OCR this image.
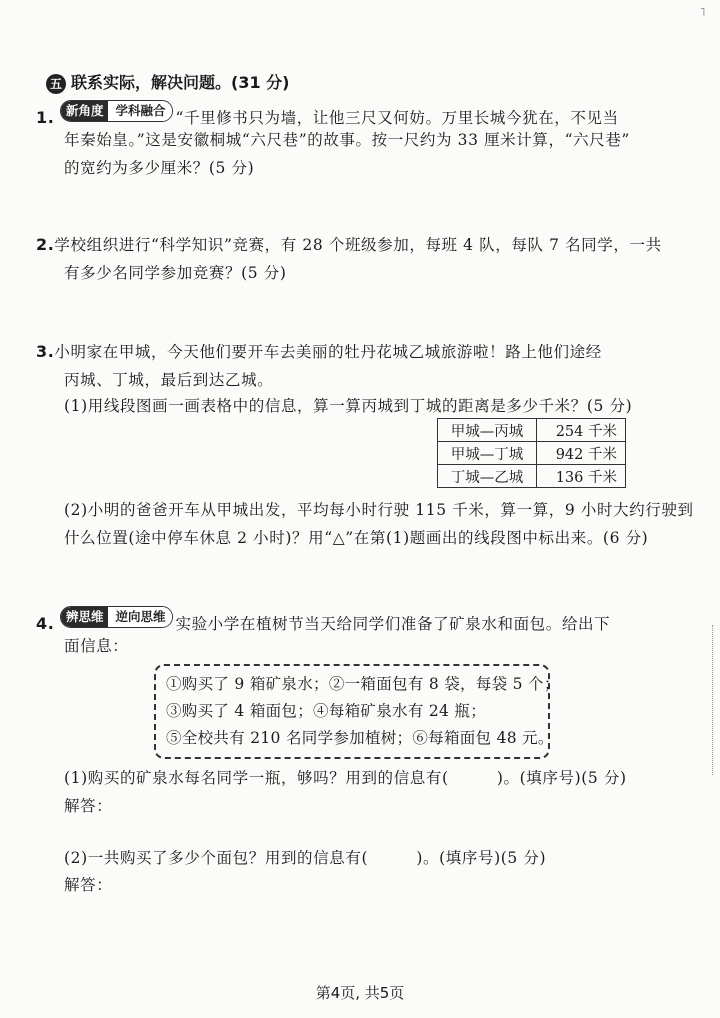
˥
五 联系实际，解决问题。(31 分)
1. 新角度 学科融合 “千里修书只为墙，让他三尺又何妨。万里长城今犹在，不见当
年秦始皇。”这是安徽桐城“六尺巷”的故事。按一尺约为 33 厘米计算，“六尺巷”
的宽约为多少厘米？(5 分)
2.学校组织进行“科学知识”竞赛，有 28 个班级参加，每班 4 队，每队 7 名同学，一共
有多少名同学参加竞赛？(5 分)
3.小明家在甲城，今天他们要开车去美丽的牡丹花城乙城旅游啦！路上他们途经
丙城、丁城，最后到达乙城。
(1)用线段图画一画表格中的信息，算一算丙城到丁城的距离是多少千米？(5 分)
甲城—丙城	254 千米
甲城—丁城	942 千米
丁城—乙城	136 千米
(2)小明的爸爸开车从甲城出发，平均每小时行驶 115 千米，算一算，9 小时大约行驶到
什么位置(途中停车休息 2 小时)？用“△”在第(1)题画出的线段图中标出来。(6 分)
4. 辨思维 逆向思维 实验小学在植树节当天给同学们准备了矿泉水和面包。给出下
面信息：
①购买了 9 箱矿泉水；②一箱面包有 8 袋，每袋 5 个；
③购买了 4 箱面包；④每箱矿泉水有 24 瓶；
⑤全校共有 210 名同学参加植树；⑥每箱面包 48 元。
(1)购买的矿泉水每名同学一瓶，够吗？用到的信息有(　　　)。(填序号)(5 分)
解答：
(2)一共购买了多少个面包？用到的信息有(　　　)。(填序号)(5 分)
解答：
第4页, 共5页
